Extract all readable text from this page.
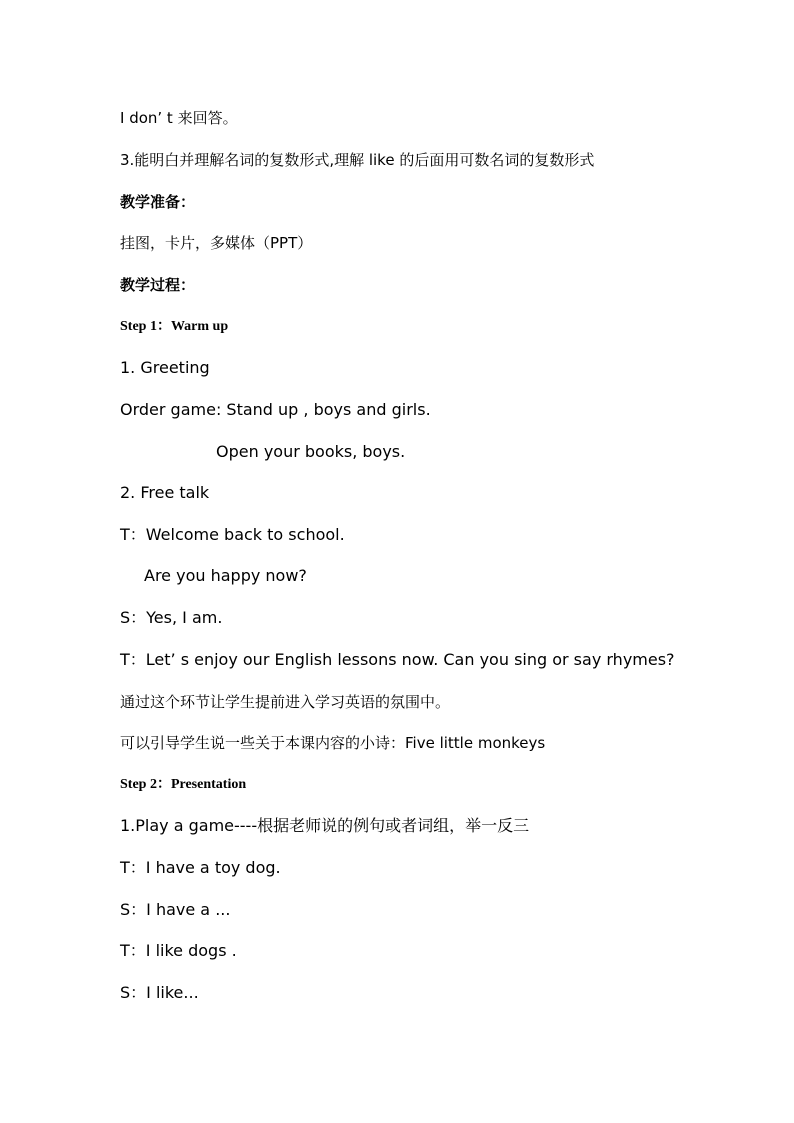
I don’ t 来回答。
3.能明白并理解名词的复数形式,理解 like 的后面用可数名词的复数形式
教学准备：
挂图，卡片，多媒体（PPT）
教学过程：
Step 1：Warm up
1. Greeting
Order game: Stand up , boys and girls.
Open your books, boys.
2. Free talk
T：Welcome back to school.
Are you happy now?
S：Yes, I am.
T：Let’ s enjoy our English lessons now. Can you sing or say rhymes?
通过这个环节让学生提前进入学习英语的氛围中。
可以引导学生说一些关于本课内容的小诗：Five little monkeys
Step 2：Presentation
1.Play a game----根据老师说的例句或者词组，举一反三
T：I have a toy dog.
S：I have a ...
T：I like dogs .
S：I like...
